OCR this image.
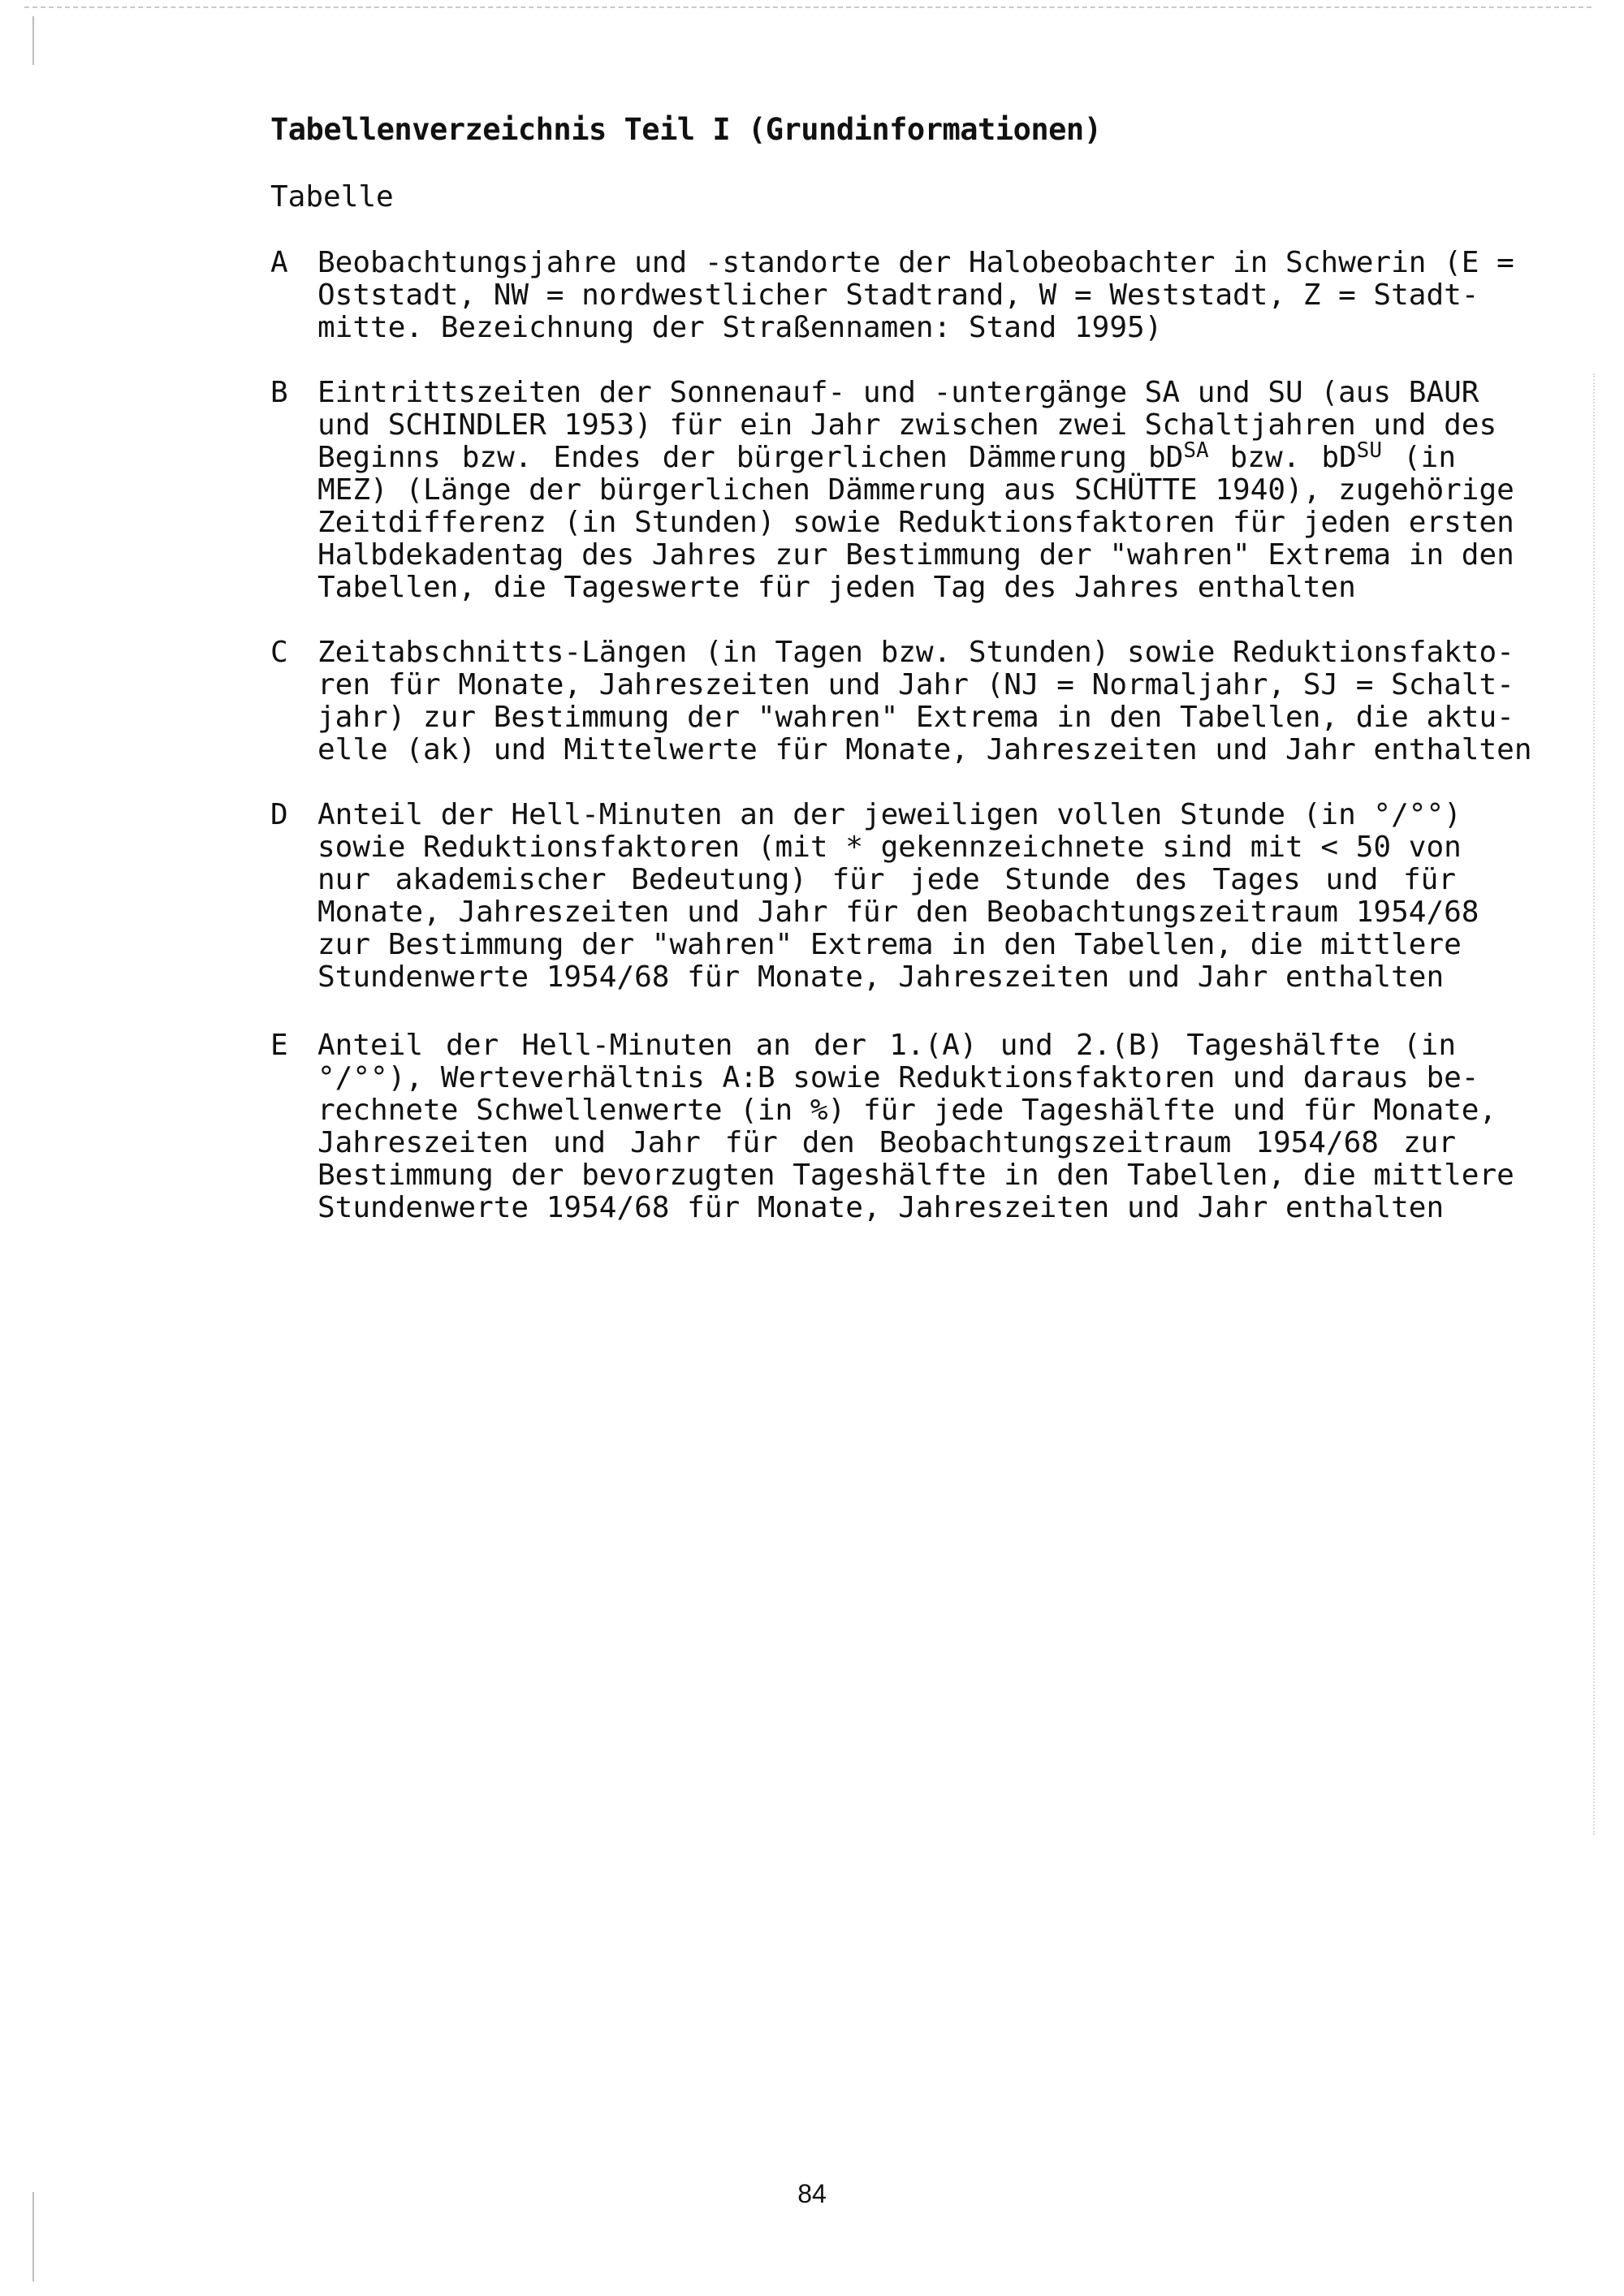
Tabellenverzeichnis Teil I (Grundinformationen)
Tabelle
A Beobachtungsjahre und -standorte der Halobeobachter in Schwerin (E =
Oststadt, NW = nordwestlicher Stadtrand, W = Weststadt, Z = Stadt-
mitte. Bezeichnung der Straßennamen: Stand 1995)
B Eintrittszeiten der Sonnenauf- und -untergänge SA und SU (aus BAUR
und SCHINDLER 1953) für ein Jahr zwischen zwei Schaltjahren und des
Beginns bzw. Endes der bürgerlichen Dämmerung $bD^{SA}$ bzw. $bD^{SU}$ (in
MEZ) (Länge der bürgerlichen Dämmerung aus SCHÜTTE 1940), zugehörige
Zeitdifferenz (in Stunden) sowie Reduktionsfaktoren für jeden ersten
Halbdekadentag des Jahres zur Bestimmung der "wahren" Extrema in den
Tabellen, die Tageswerte für jeden Tag des Jahres enthalten
C Zeitabschnitts-Längen (in Tagen bzw. Stunden) sowie Reduktionsfakto-
ren für Monate, Jahreszeiten und Jahr (NJ = Normaljahr, SJ = Schalt-
jahr) zur Bestimmung der "wahren" Extrema in den Tabellen, die aktu-
elle (ak) und Mittelwerte für Monate, Jahreszeiten und Jahr enthalten
D Anteil der Hell-Minuten an der jeweiligen vollen Stunde (in °/°°)
sowie Reduktionsfaktoren (mit * gekennzeichnete sind mit < 50 von
nur akademischer Bedeutung) für jede Stunde des Tages und für
Monate, Jahreszeiten und Jahr für den Beobachtungszeitraum 1954/68
zur Bestimmung der "wahren" Extrema in den Tabellen, die mittlere
Stundenwerte 1954/68 für Monate, Jahreszeiten und Jahr enthalten
E Anteil der Hell-Minuten an der 1.(A) und 2.(B) Tageshälfte (in
°/°°), Werteverhältnis A:B sowie Reduktionsfaktoren und daraus be-
rechnete Schwellenwerte (in %) für jede Tageshälfte und für Monate,
Jahreszeiten und Jahr für den Beobachtungszeitraum 1954/68 zur
Bestimmung der bevorzugten Tageshälfte in den Tabellen, die mittlere
Stundenwerte 1954/68 für Monate, Jahreszeiten und Jahr enthalten
84
